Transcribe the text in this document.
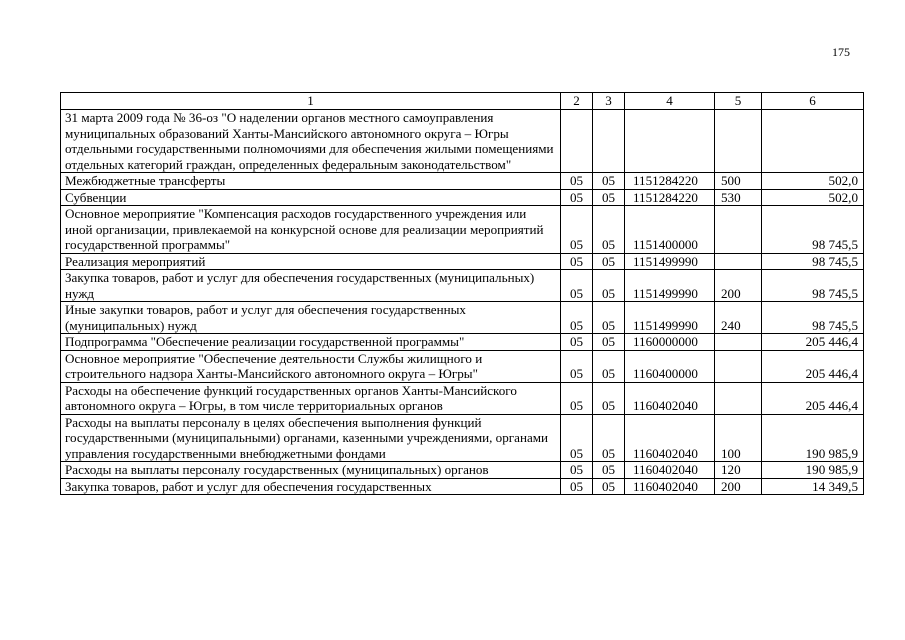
175
1	2	3	4	5	6
31 марта 2009 года № 36-оз "О наделении органов местного самоуправления муниципальных образований Ханты-Мансийского автономного округа – Югры отдельными государственными полномочиями для обеспечения жилыми помещениями отдельных категорий граждан, определенных федеральным законодательством"					
Межбюджетные трансферты	05	05	1151284220	500	502,0
Субвенции	05	05	1151284220	530	502,0
Основное мероприятие "Компенсация расходов государственного учреждения или иной организации, привлекаемой на конкурсной основе для реализации мероприятий государственной программы"	05	05	1151400000		98 745,5
Реализация мероприятий	05	05	1151499990		98 745,5
Закупка товаров, работ и услуг для обеспечения государственных (муниципальных) нужд	05	05	1151499990	200	98 745,5
Иные закупки товаров, работ и услуг для обеспечения государственных (муниципальных) нужд	05	05	1151499990	240	98 745,5
Подпрограмма "Обеспечение реализации государственной программы"	05	05	1160000000		205 446,4
Основное мероприятие "Обеспечение деятельности Службы жилищного и строительного надзора Ханты-Мансийского автономного округа – Югры"	05	05	1160400000		205 446,4
Расходы на обеспечение функций государственных органов Ханты-Мансийского автономного округа – Югры, в том числе территориальных органов	05	05	1160402040		205 446,4
Расходы на выплаты персоналу в целях обеспечения выполнения функций государственными (муниципальными) органами, казенными учреждениями, органами управления государственными внебюджетными фондами	05	05	1160402040	100	190 985,9
Расходы на выплаты персоналу государственных (муниципальных) органов	05	05	1160402040	120	190 985,9
Закупка товаров, работ и услуг для обеспечения государственных	05	05	1160402040	200	14 349,5
